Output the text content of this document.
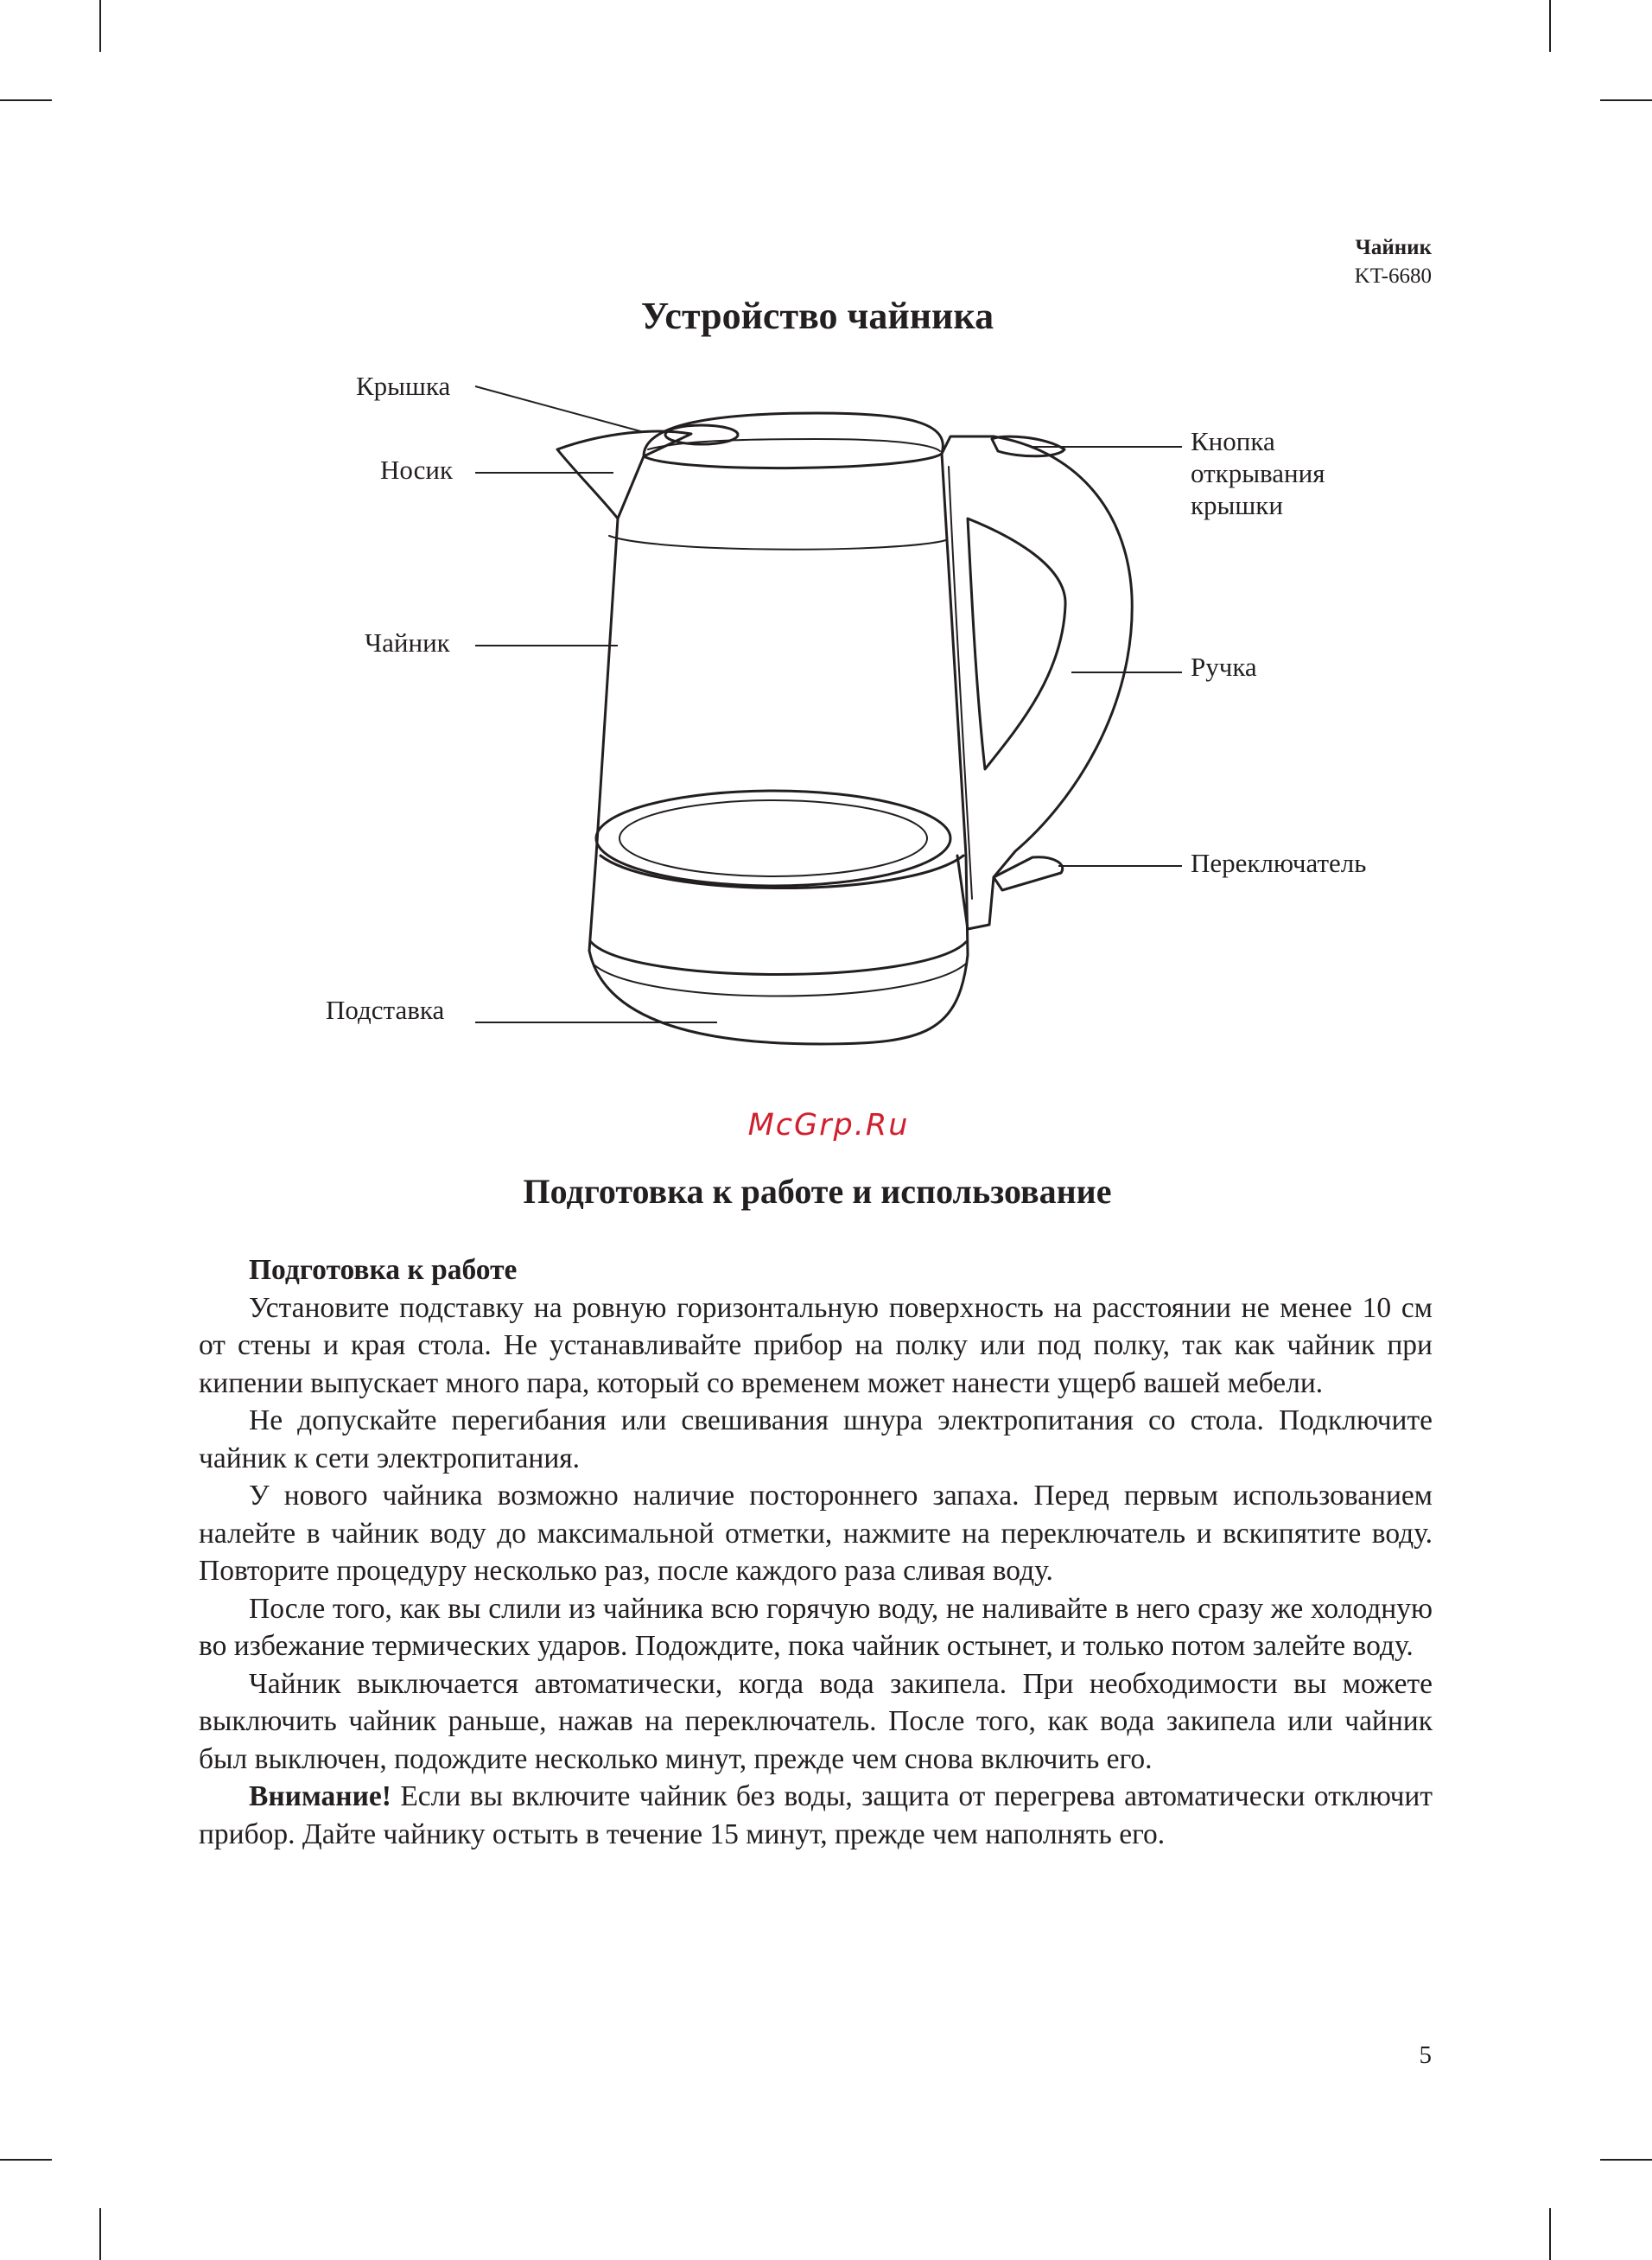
Чайник
KT-6680
Устройство чайника
Крышка
Носик
Чайник
Подставка
Кнопка
открывания
крышки
Ручка
Переключатель
McGrp.Ru
Подготовка к работе и использование

Подготовка к работе

Установите подставку на ровную горизонтальную поверхность на расстоянии не менее 10 см от стены и края стола. Не устанавливайте прибор на полку или под полку, так как чайник при кипении выпускает много пара, который со временем может нанести ущерб вашей мебели.

Не допускайте перегибания или свешивания шнура электропитания со стола. Подключите чайник к сети электропитания.

У нового чайника возможно наличие постороннего запаха. Перед первым использованием налейте в чайник воду до максимальной отметки, нажмите на переключатель и вскипятите воду. Повторите процедуру несколько раз, после каждого раза сливая воду.

После того, как вы слили из чайника всю горячую воду, не наливайте в него сразу же холодную во избежание термических ударов. Подождите, пока чайник остынет, и только потом залейте воду.

Чайник выключается автоматически, когда вода закипела. При необходимости вы можете выключить чайник раньше, нажав на переключатель. После того, как вода закипела или чайник был выключен, подождите несколько минут, прежде чем снова включить его.

Внимание! Если вы включите чайник без воды, защита от перегрева автоматически отключит прибор. Дайте чайнику остыть в течение 15 минут, прежде чем наполнять его.

5
